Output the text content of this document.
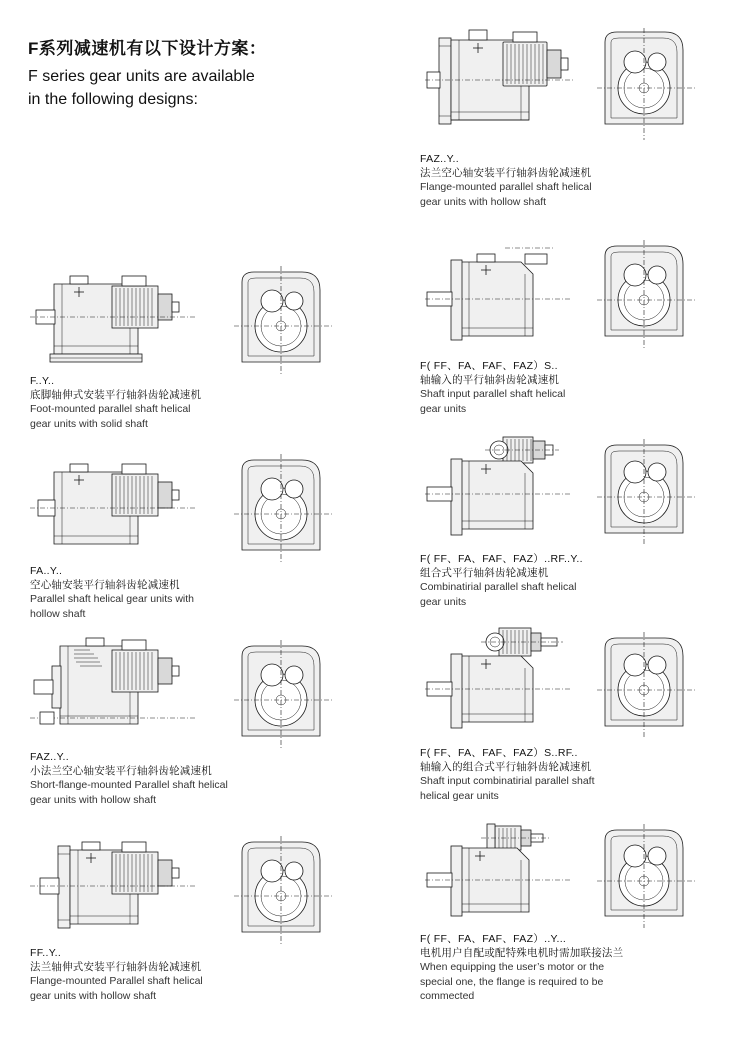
F系列减速机有以下设计方案：

F series gear units are available

in the following designs:

FAZ..Y..
法兰空心轴安装平行轴斜齿轮减速机
Flange-mounted parallel shaft helical
gear units with hollow shaft
F..Y..
底脚轴伸式安装平行轴斜齿轮减速机
Foot-mounted parallel shaft helical
gear units with solid shaft
F( FF、FA、FAF、FAZ）S..
轴输入的平行轴斜齿轮减速机
Shaft input parallel shaft helical
gear units
FA..Y..
空心轴安装平行轴斜齿轮减速机
Parallel shaft helical gear units with
hollow shaft
F( FF、FA、FAF、FAZ）..RF..Y..
组合式平行轴斜齿轮减速机
Combinatirial parallel shaft helical
gear units
FAZ..Y..
小法兰空心轴安装平行轴斜齿轮减速机
Short-flange-mounted Parallel shaft helical
gear units with hollow shaft
F( FF、FA、FAF、FAZ）S..RF..
轴输入的组合式平行轴斜齿轮减速机
Shaft input combinatirial parallel shaft
helical gear units
FF..Y..
法兰轴伸式安装平行轴斜齿轮减速机
Flange-mounted Parallel shaft helical
gear units with hollow shaft
F( FF、FA、FAF、FAZ）..Y...
电机用户自配或配特殊电机时需加联接法兰
When equipping the user’s motor or the
special one, the flange is required to be
commected
